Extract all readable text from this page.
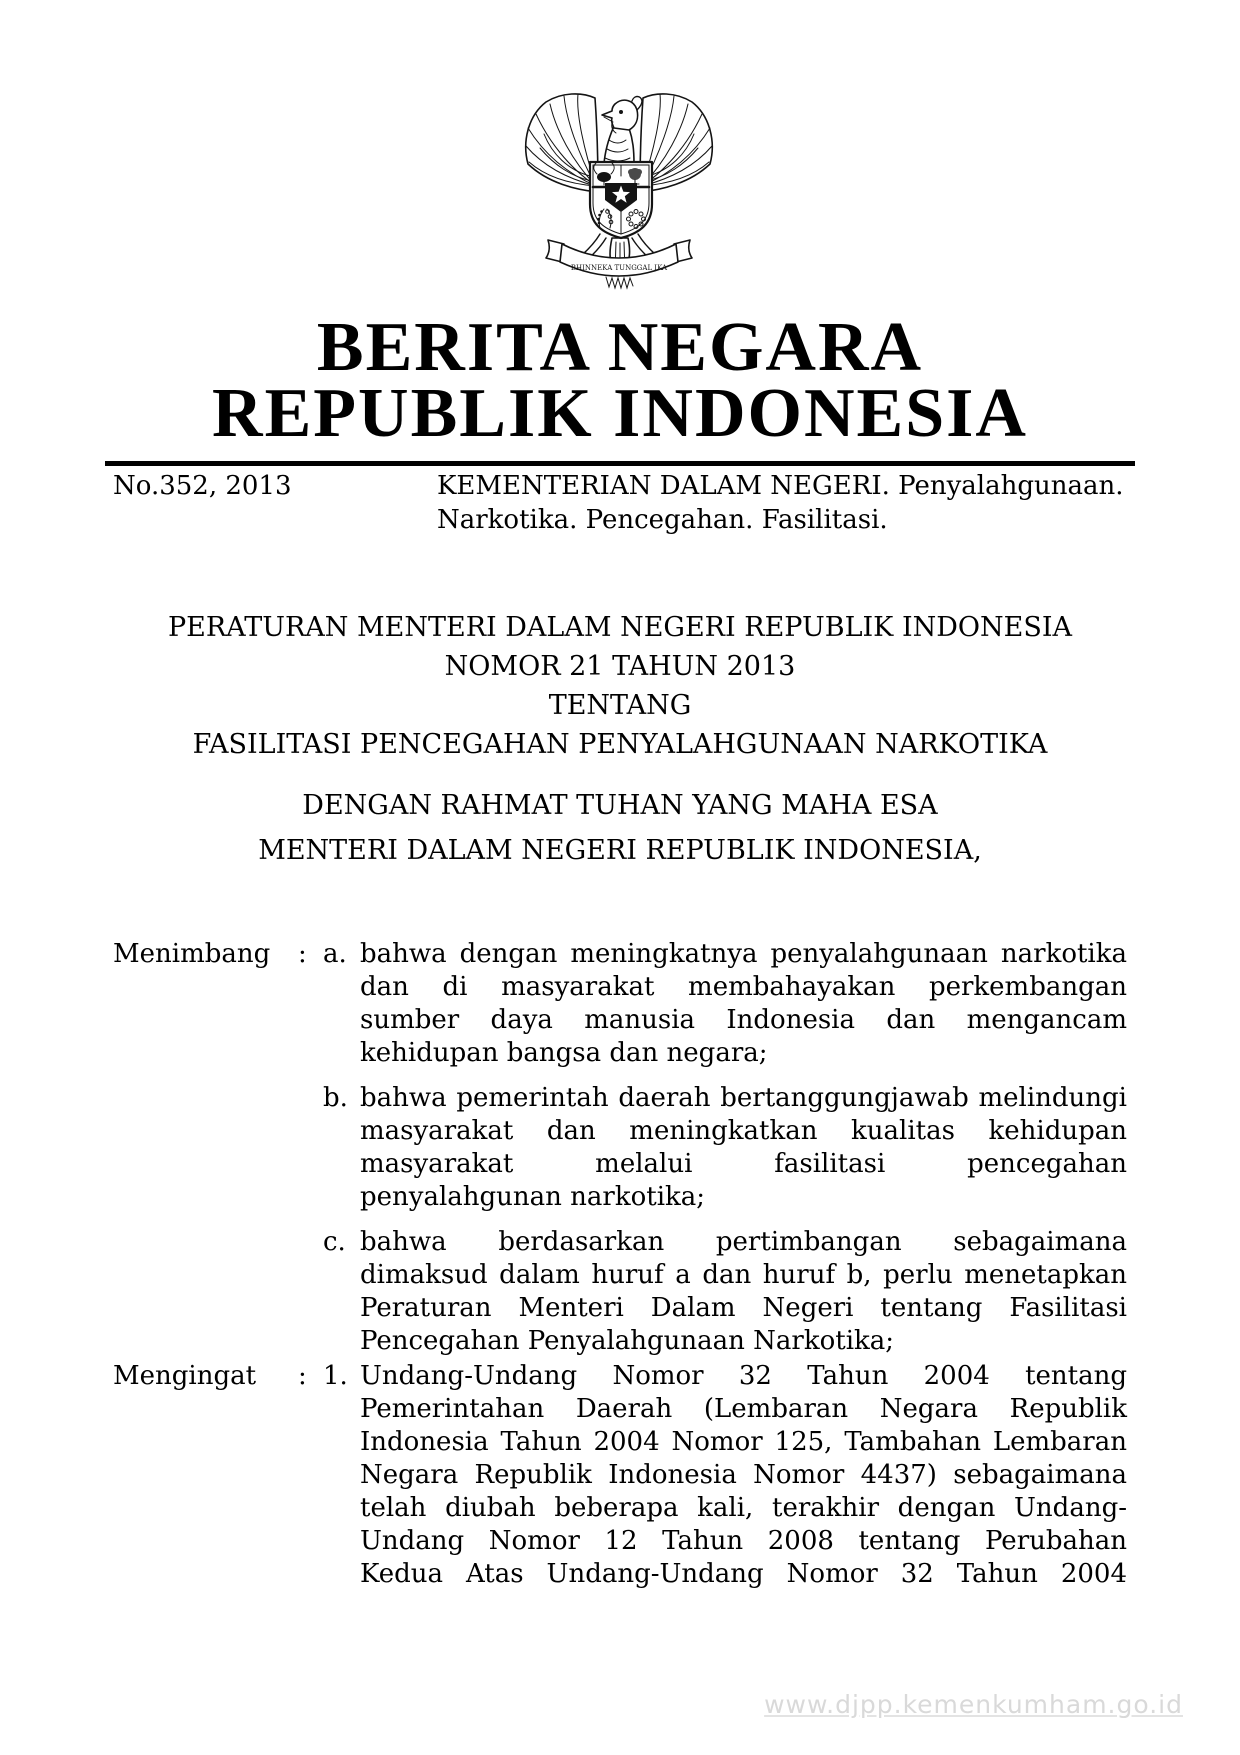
BHINNEKA TUNGGAL IKA
BERITA NEGARA
REPUBLIK INDONESIA
No.352, 2013	KEMENTERIAN DALAM NEGERI. Penyalahgunaan.
Narkotika. Pencegahan. Fasilitasi.
PERATURAN MENTERI DALAM NEGERI REPUBLIK INDONESIA
NOMOR 21 TAHUN 2013
TENTANG
FASILITASI PENCEGAHAN PENYALAHGUNAAN NARKOTIKA
DENGAN RAHMAT TUHAN YANG MAHA ESA
MENTERI DALAM NEGERI REPUBLIK INDONESIA,
Menimbang	: a. bahwa dengan meningkatnya penyalahgunaan narkotika
dan di masyarakat membahayakan perkembangan
sumber daya manusia Indonesia dan mengancam
kehidupan bangsa dan negara;
b. bahwa pemerintah daerah bertanggungjawab melindungi
masyarakat dan meningkatkan kualitas kehidupan
masyarakat melalui fasilitasi pencegahan
penyalahgunan narkotika;
c. bahwa berdasarkan pertimbangan sebagaimana
dimaksud dalam huruf a dan huruf b, perlu menetapkan
Peraturan Menteri Dalam Negeri tentang Fasilitasi
Pencegahan Penyalahgunaan Narkotika;
Mengingat	: 1. Undang-Undang Nomor 32 Tahun 2004 tentang
Pemerintahan Daerah (Lembaran Negara Republik
Indonesia Tahun 2004 Nomor 125, Tambahan Lembaran
Negara Republik Indonesia Nomor 4437) sebagaimana
telah diubah beberapa kali, terakhir dengan Undang-
Undang Nomor 12 Tahun 2008 tentang Perubahan
Kedua Atas Undang-Undang Nomor 32 Tahun 2004
www.djpp.kemenkumham.go.id
